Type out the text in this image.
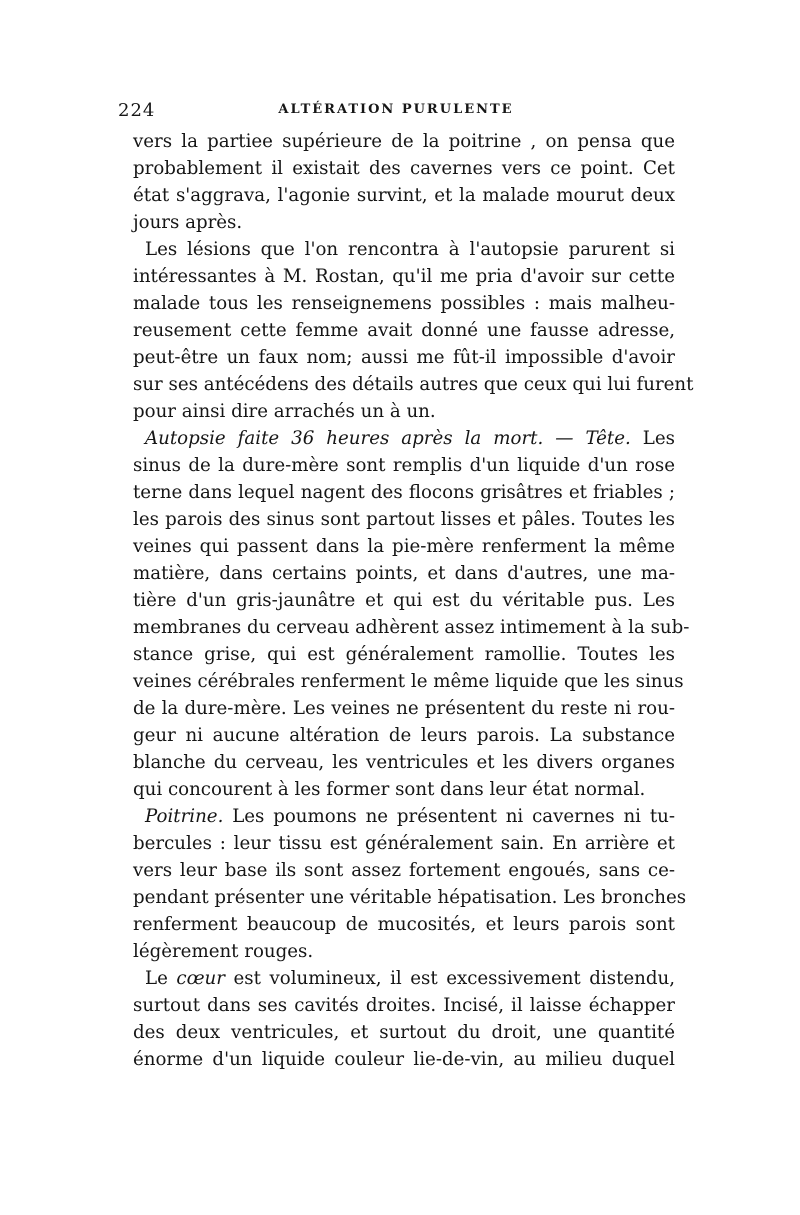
224	ALTÉRATION PURULENTE
vers la partiee supérieure de la poitrine , on pensa que
probablement il existait des cavernes vers ce point. Cet
état s'aggrava, l'agonie survint, et la malade mourut deux
jours après.
Les lésions que l'on rencontra à l'autopsie parurent si
intéressantes à M. Rostan, qu'il me pria d'avoir sur cette
malade tous les renseignemens possibles : mais malheu-
reusement cette femme avait donné une fausse adresse,
peut-être un faux nom; aussi me fût-il impossible d'avoir
sur ses antécédens des détails autres que ceux qui lui furent
pour ainsi dire arrachés un à un.
Autopsie faite 36 heures après la mort. — Tête. Les
sinus de la dure-mère sont remplis d'un liquide d'un rose
terne dans lequel nagent des flocons grisâtres et friables ;
les parois des sinus sont partout lisses et pâles. Toutes les
veines qui passent dans la pie-mère renferment la même
matière, dans certains points, et dans d'autres, une ma-
tière d'un gris-jaunâtre et qui est du véritable pus. Les
membranes du cerveau adhèrent assez intimement à la sub-
stance grise, qui est généralement ramollie. Toutes les
veines cérébrales renferment le même liquide que les sinus
de la dure-mère. Les veines ne présentent du reste ni rou-
geur ni aucune altération de leurs parois. La substance
blanche du cerveau, les ventricules et les divers organes
qui concourent à les former sont dans leur état normal.
Poitrine. Les poumons ne présentent ni cavernes ni tu-
bercules : leur tissu est généralement sain. En arrière et
vers leur base ils sont assez fortement engoués, sans ce-
pendant présenter une véritable hépatisation. Les bronches
renferment beaucoup de mucosités, et leurs parois sont
légèrement rouges.
Le cœur est volumineux, il est excessivement distendu,
surtout dans ses cavités droites. Incisé, il laisse échapper
des deux ventricules, et surtout du droit, une quantité
énorme d'un liquide couleur lie-de-vin, au milieu duquel
